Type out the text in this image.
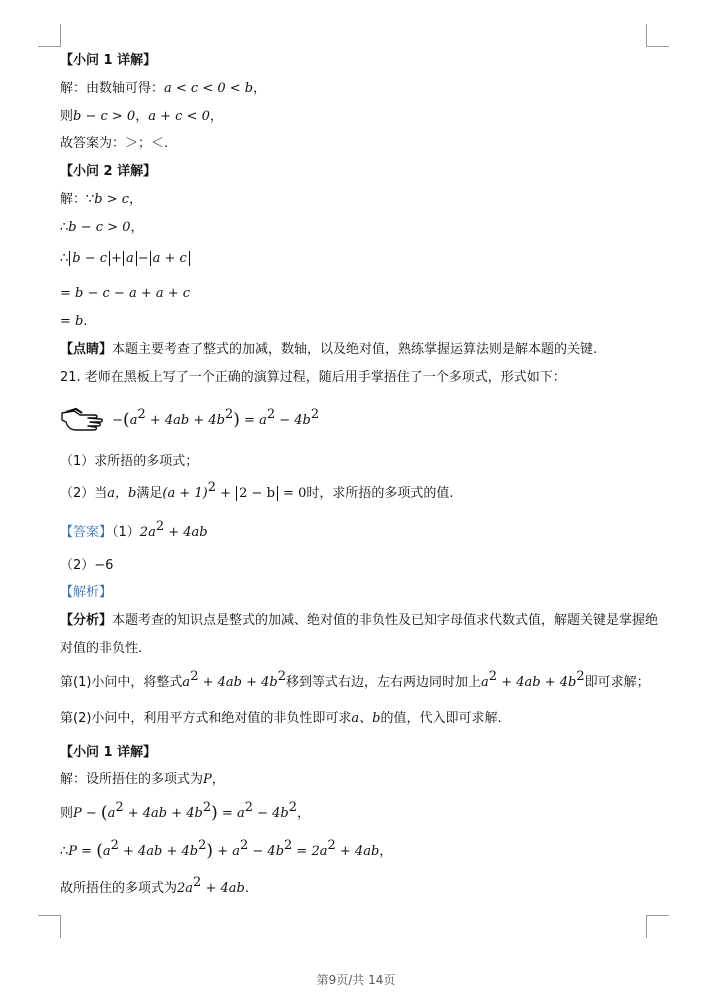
【小问 1 详解】
解：由数轴可得：a < c < 0 < b，
则b − c > 0，a + c < 0，
故答案为：＞；＜.
【小问 2 详解】
解：∵b > c，
∴b − c > 0，
∴ b − c + a − a + c
= b − c − a + a + c
= b.
【点睛】本题主要考查了整式的加减，数轴，以及绝对值，熟练掌握运算法则是解本题的关键.
21. 老师在黑板上写了一个正确的演算过程，随后用手掌捂住了一个多项式，形式如下：
$-(a^2 + 4ab + 4b^2) = a^2 - 4b^2$
（1）求所捂的多项式；
（2）当a，b满足$(a + 1)^2 + 2 - b = 0$时，求所捂的多项式的值.
【答案】$(1)2a^2 + 4ab$
（2）−6
【解析】
【分析】本题考查的知识点是整式的加减、绝对值的非负性及已知字母值求代数式值，解题关键是掌握绝
对值的非负性.
第(1)小问中，将整式$a^2 + 4ab + 4b^2$移到等式右边，左右两边同时加上$a^2 + 4ab + 4b^2$即可求解；
第(2)小问中，利用平方式和绝对值的非负性即可求a、b的值，代入即可求解.
【小问 1 详解】
解：设所捂住的多项式为P，
则$P - (a^2 + 4ab + 4b^2) = a^2 - 4b^2$，
∴P = $(a^2 + 4ab + 4b^2) + a^2 - 4b^2 = 2a^2 + 4ab$，
故所捂住的多项式为$2a^2 + 4ab$.
第9页/共 14页
